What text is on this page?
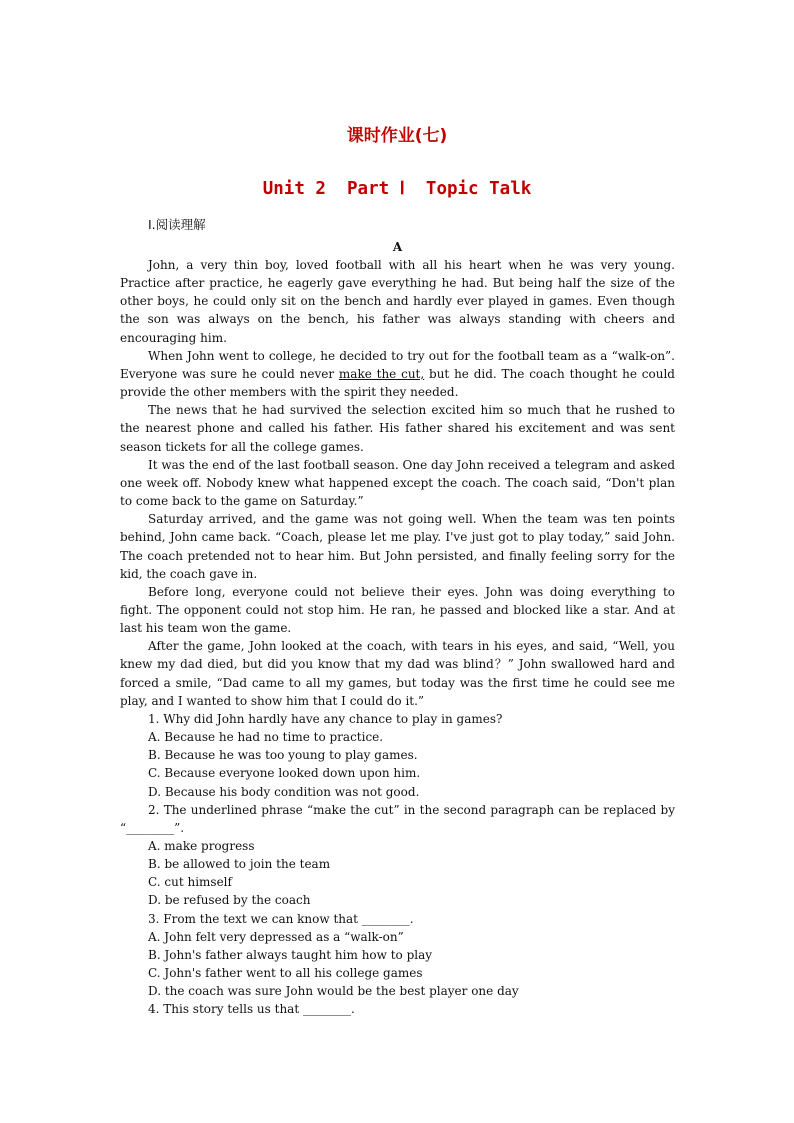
课时作业(七)
Unit 2  Part Ⅰ  Topic Talk

Ⅰ.阅读理解

A

John, a very thin boy, loved football with all his heart when he was very young. Practice after practice, he eagerly gave everything he had. But being half the size of the other boys, he could only sit on the bench and hardly ever played in games. Even though the son was always on the bench, his father was always standing with cheers and encouraging him.

When John went to college, he decided to try out for the football team as a “walk-on”. Everyone was sure he could never make the cut, but he did. The coach thought he could provide the other members with the spirit they needed.

The news that he had survived the selection excited him so much that he rushed to the nearest phone and called his father. His father shared his excitement and was sent season tickets for all the college games.

It was the end of the last football season. One day John received a telegram and asked one week off. Nobody knew what happened except the coach. The coach said, “Don't plan to come back to the game on Saturday.”

Saturday arrived, and the game was not going well. When the team was ten points behind, John came back. “Coach, please let me play. I've just got to play today,” said John. The coach pretended not to hear him. But John persisted, and finally feeling sorry for the kid, the coach gave in.

Before long, everyone could not believe their eyes. John was doing everything to fight. The opponent could not stop him. He ran, he passed and blocked like a star. And at last his team won the game.

After the game, John looked at the coach, with tears in his eyes, and said, “Well, you knew my dad died, but did you know that my dad was blind？” John swallowed hard and forced a smile, “Dad came to all my games, but today was the first time he could see me play, and I wanted to show him that I could do it.”

1. Why did John hardly have any chance to play in games?

A. Because he had no time to practice.

B. Because he was too young to play games.

C. Because everyone looked down upon him.

D. Because his body condition was not good.

2. The underlined phrase “make the cut” in the second paragraph can be replaced by “________”.

A. make progress

B. be allowed to join the team

C. cut himself

D. be refused by the coach

3. From the text we can know that ________.

A. John felt very depressed as a “walk-on”

B. John's father always taught him how to play

C. John's father went to all his college games

D. the coach was sure John would be the best player one day

4. This story tells us that ________.
